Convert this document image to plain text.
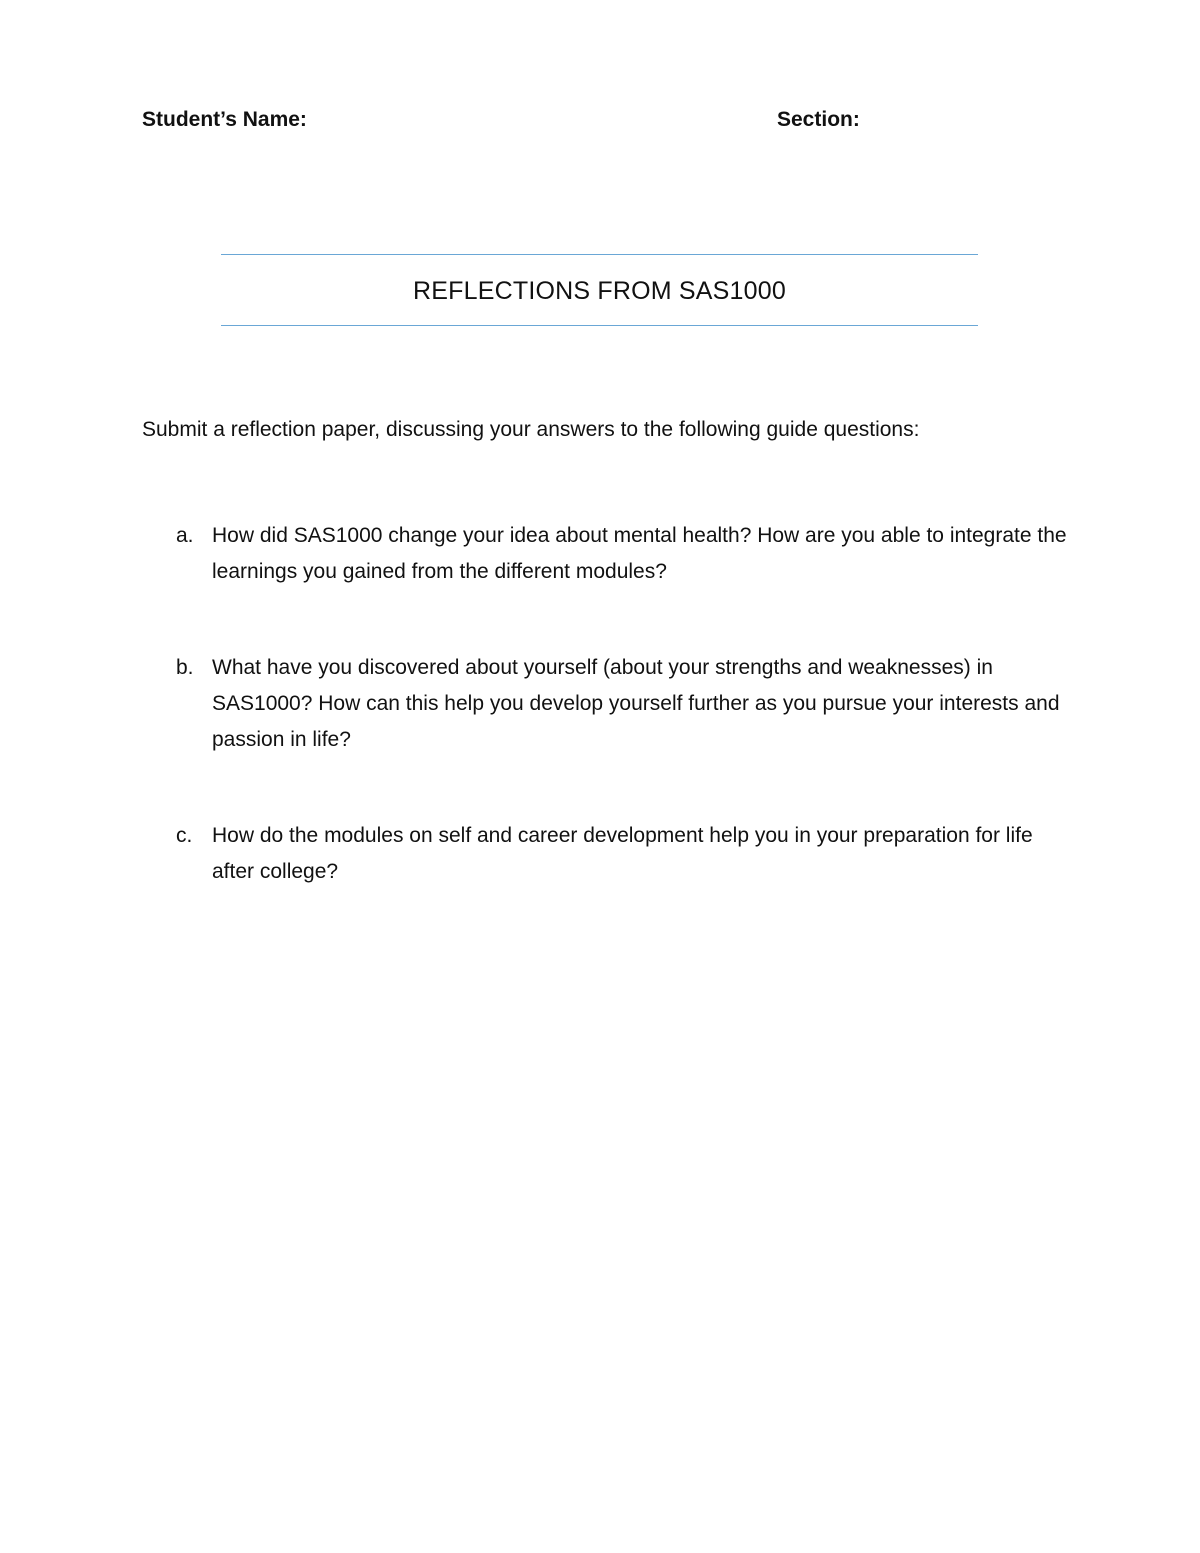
Student’s Name:	Section:

REFLECTIONS FROM SAS1000

Submit a reflection paper, discussing your answers to the following guide questions:

a. How did SAS1000 change your idea about mental health? How are you able to integrate the learnings you gained from the different modules?
b. What have you discovered about yourself (about your strengths and weaknesses) in SAS1000? How can this help you develop yourself further as you pursue your interests and passion in life?
c. How do the modules on self and career development help you in your preparation for life after college?
